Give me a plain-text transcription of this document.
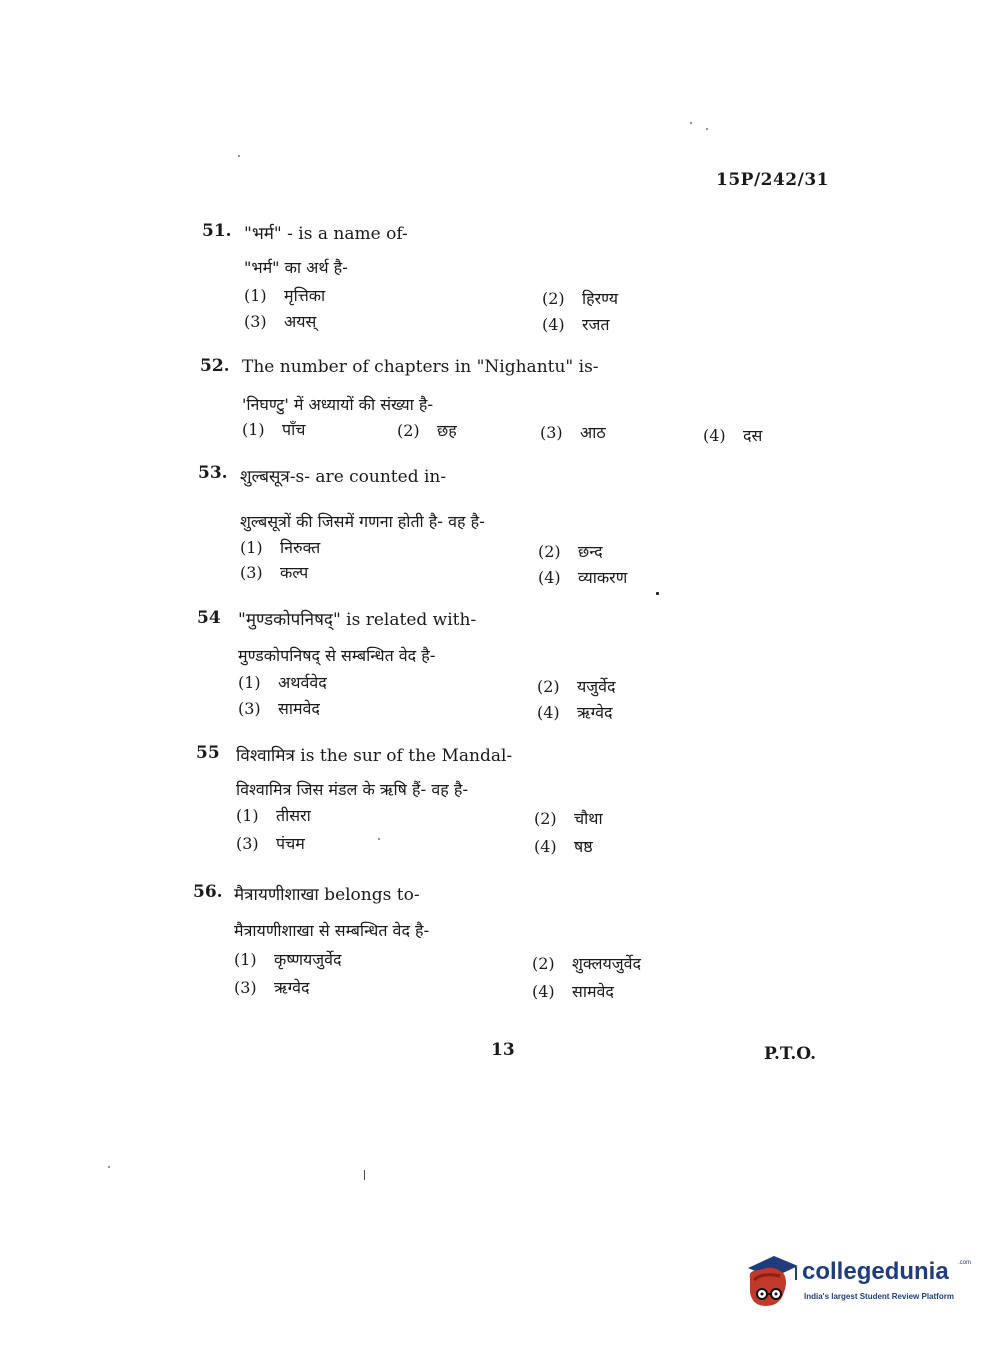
15P/242/31
51. "भर्म" - is a name of-
"भर्म" का अर्थ है-
(1) मृत्तिका	(2) हिरण्य
(3) अयस्	(4) रजत
52. The number of chapters in "Nighantu" is-
'निघण्टु' में अध्यायों की संख्या है-
(1) पाँच	(2) छह	(3) आठ	(4) दस
53. शुल्बसूत्र-s- are counted in-
शुल्बसूत्रों की जिसमें गणना होती है- वह है-
(1) निरुक्त	(2) छन्द
(3) कल्प	(4) व्याकरण
54 "मुण्डकोपनिषद्" is related with-
मुण्डकोपनिषद् से सम्बन्धित वेद है-
(1) अथर्ववेद	(2) यजुर्वेद
(3) सामवेद	(4) ऋग्वेद
55 विश्वामित्र is the sur of the Mandal-
विश्वामित्र जिस मंडल के ऋषि हैं- वह है-
(1) तीसरा	(2) चौथा
(3) पंचम	(4) षष्ठ
56. मैत्रायणीशाखा belongs to-
मैत्रायणीशाखा से सम्बन्धित वेद है-
(1) कृष्णयजुर्वेद	(2) शुक्लयजुर्वेद
(3) ऋग्वेद	(4) सामवेद
13	P.T.O.
collegedunia .com
India's largest Student Review Platform
